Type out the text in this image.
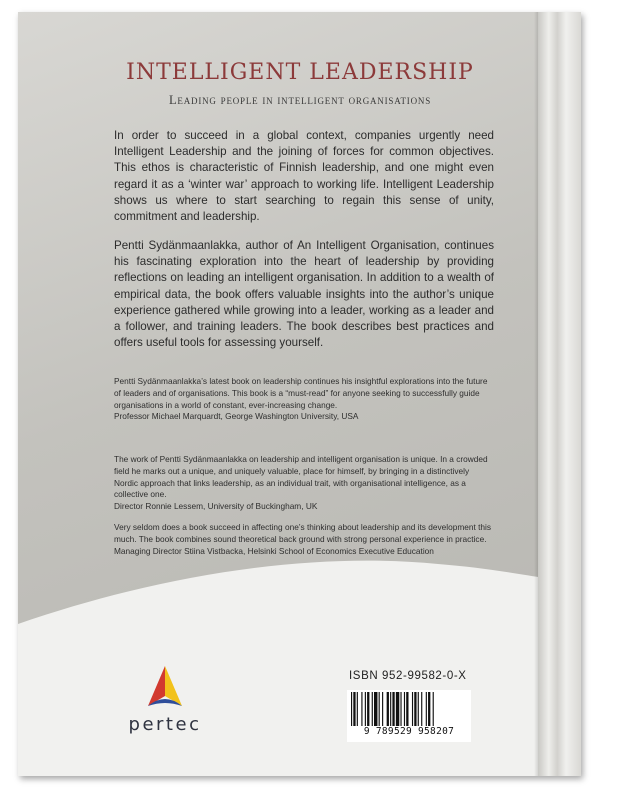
INTELLIGENT LEADERSHIP
Leading people in intelligent organisations

In order to succeed in a global context, companies urgently need Intelligent Leadership and the joining of forces for common objectives. This ethos is characteristic of Finnish leadership, and one might even regard it as a ‘winter war’ approach to working life. Intelligent Leadership shows us where to start searching to regain this sense of unity, commitment and leadership.

Pentti Sydänmaanlakka, author of An Intelligent Organisation, continues his fascinating exploration into the heart of leadership by providing reflections on leading an intelligent organisation. In addition to a wealth of empirical data, the book offers valuable insights into the author’s unique experience gathered while growing into a leader, working as a leader and a follower, and training leaders. The book describes best practices and offers useful tools for assessing yourself.

Pentti Sydänmaanlakka’s latest book on leadership continues his insightful explorations into the future of leaders and of organisations. This book is a “must-read” for anyone seeking to successfully guide organisations in a world of constant, ever-increasing change.
Professor Michael Marquardt, George Washington University, USA
The work of Pentti Sydänmaanlakka on leadership and intelligent organisation is unique. In a crowded field he marks out a unique, and uniquely valuable, place for himself, by bringing in a distinctively Nordic approach that links leadership, as an individual trait, with organisational intelligence, as a collective one.
Director Ronnie Lessem, University of Buckingham, UK
Very seldom does a book succeed in affecting one’s thinking about leadership and its development this much. The book combines sound theoretical back ground with strong personal experience in practice.
Managing Director Stiina Vistbacka, Helsinki School of Economics Executive Education
pertec
ISBN 952-99582-0-X
9 789529 958207
